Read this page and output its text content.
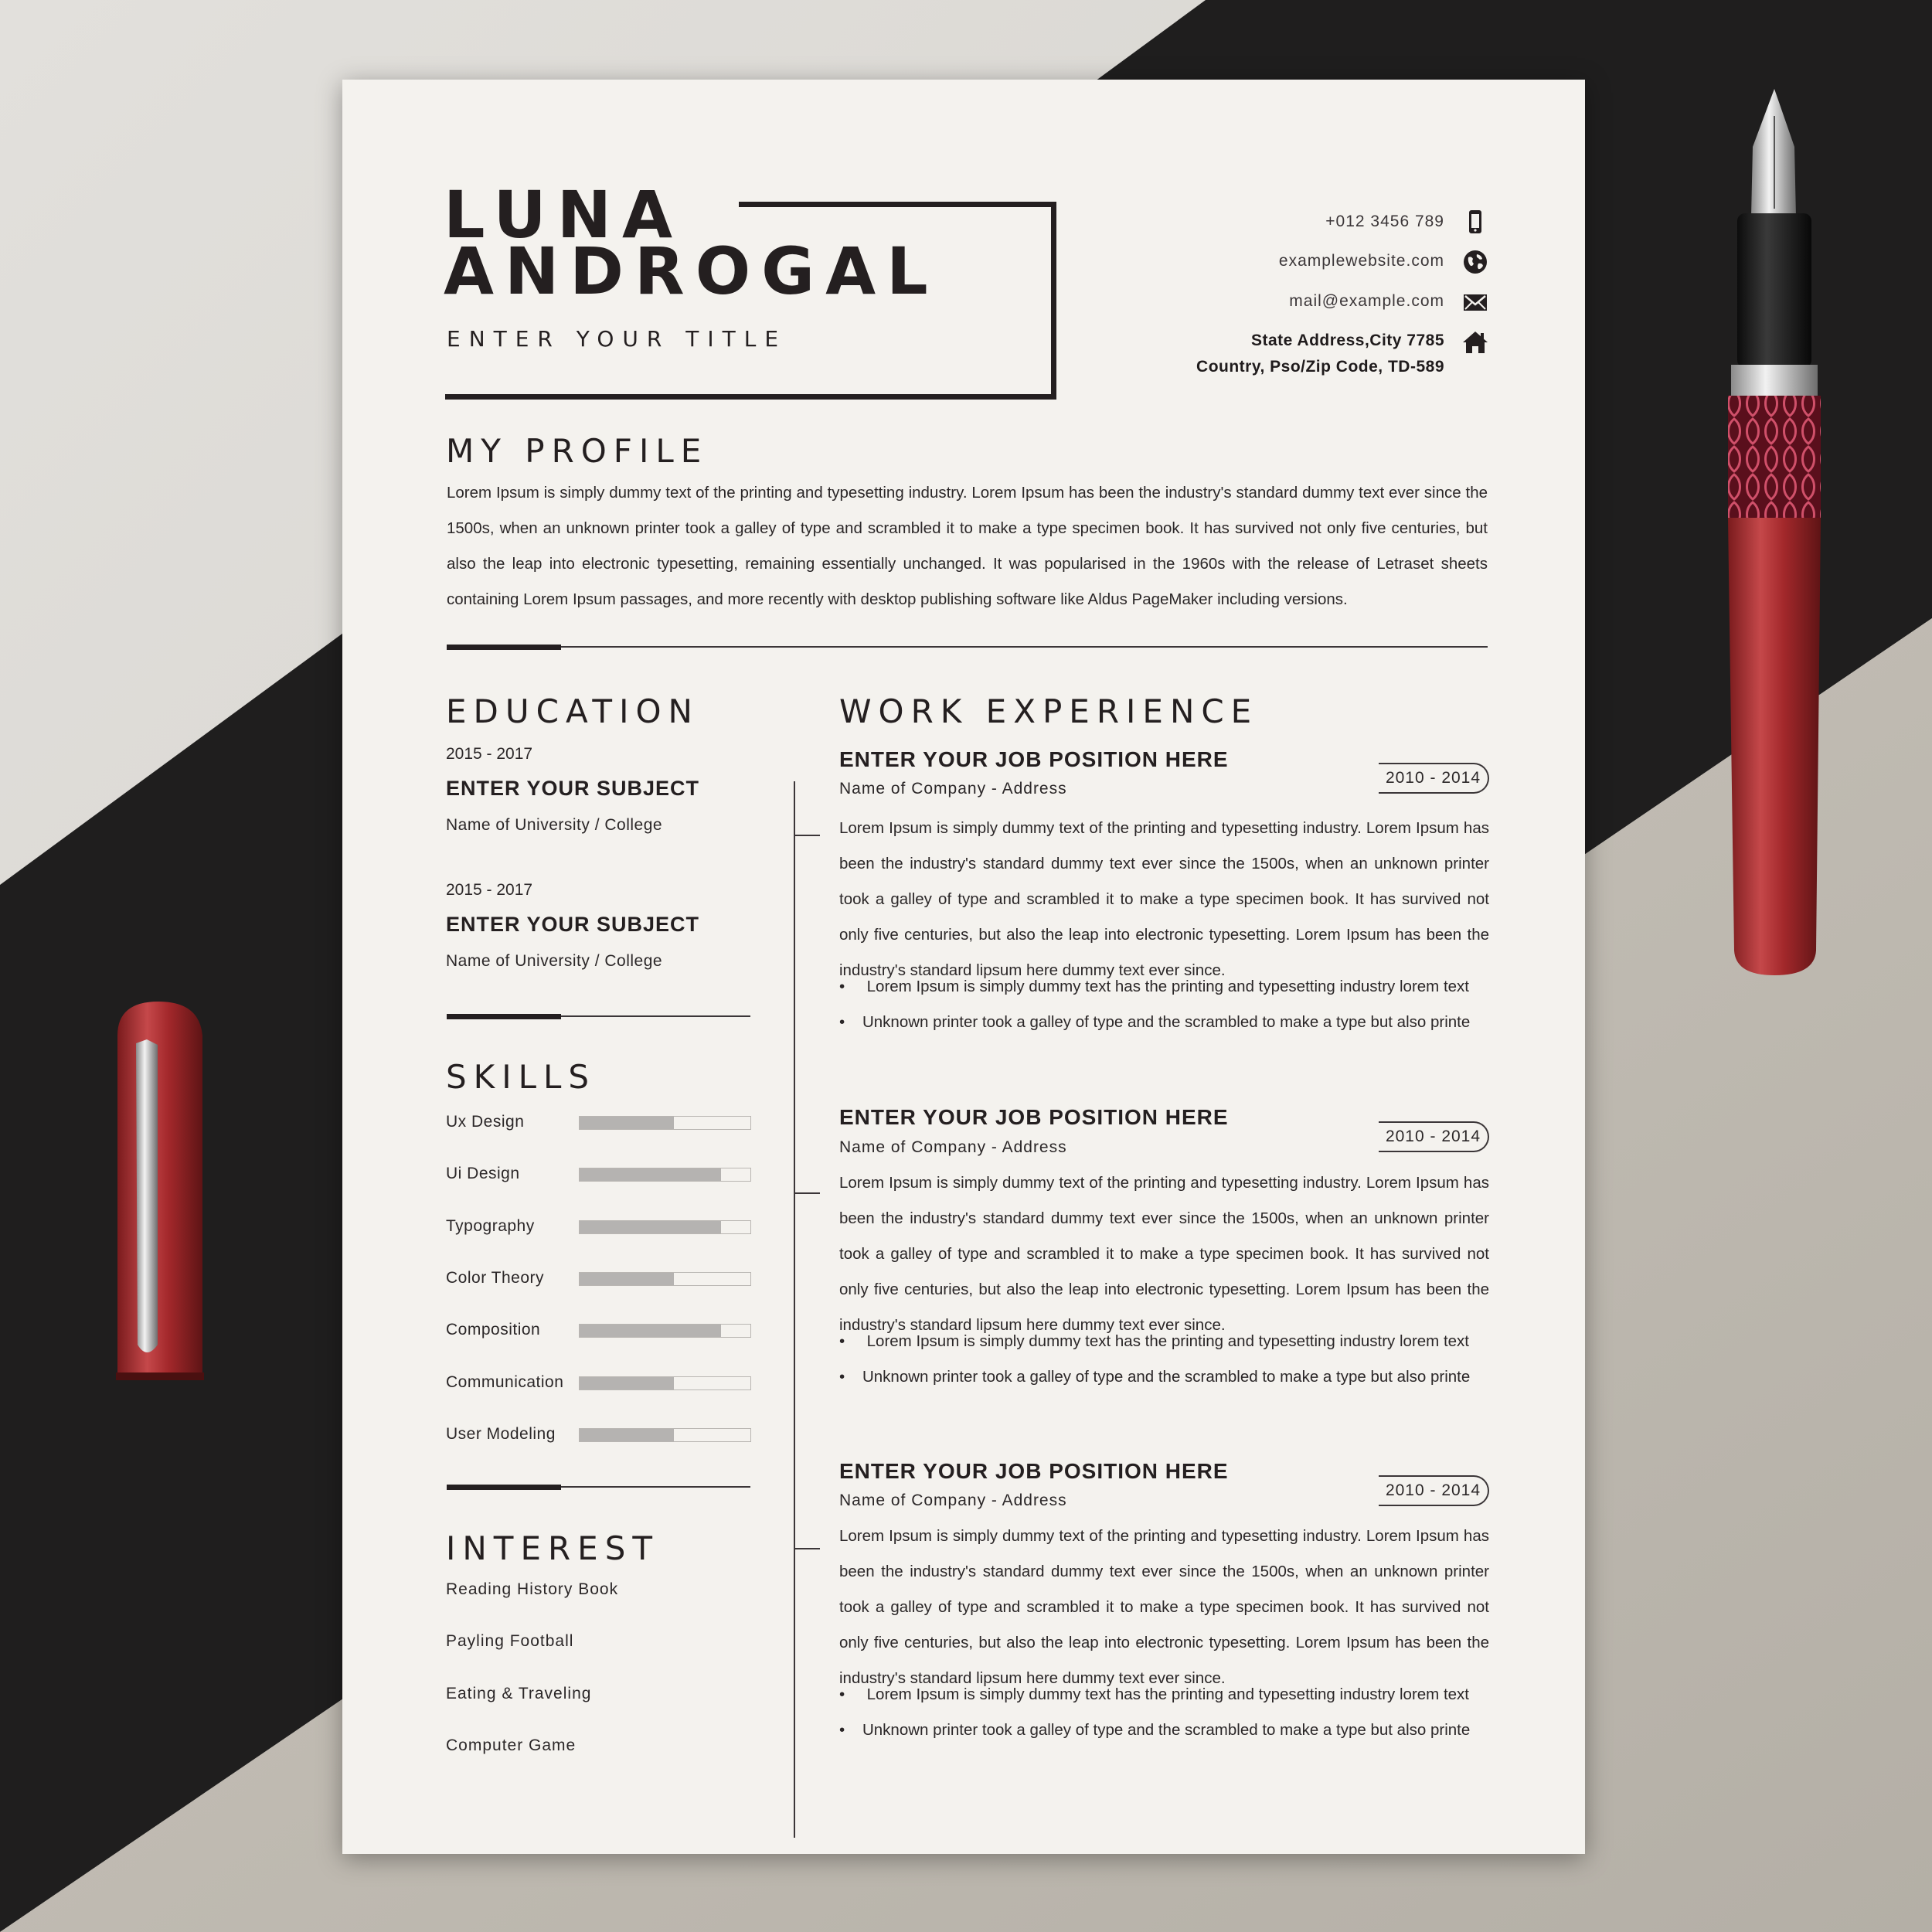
LUNA
ANDROGAL
ENTER YOUR TITLE
+012 3456 789
examplewebsite.com
mail@example.com
State Address,City 7785
Country, Pso/Zip Code, TD-589
MY PROFILE
Lorem Ipsum is simply dummy text of the printing and typesetting industry. Lorem Ipsum has been the industry's standard dummy text ever since the 1500s, when an unknown printer took a galley of type and scrambled it to make a type specimen book. It has survived not only five centuries, but also the leap into electronic typesetting, remaining essentially unchanged. It was popularised in the 1960s with the release of Letraset sheets containing Lorem Ipsum passages, and more recently with desktop publishing software like Aldus PageMaker including versions.
EDUCATION
2015 - 2017
ENTER YOUR SUBJECT
Name of University / College
2015 - 2017
ENTER YOUR SUBJECT
Name of University / College
SKILLS
Ux Design
Ui Design
Typography
Color Theory
Composition
Communication
User Modeling
INTEREST
Reading History Book
Payling Football
Eating & Traveling
Computer Game
WORK EXPERIENCE
ENTER YOUR JOB POSITION HERE
Name of Company - Address
2010 - 2014
Lorem Ipsum is simply dummy text of the printing and typesetting industry. Lorem Ipsum has been the industry's standard dummy text ever since the 1500s, when an unknown printer took a galley of type and scrambled it to make a type specimen book. It has survived not only five centuries, but also the leap into electronic typesetting. Lorem Ipsum has been the industry's standard lipsum here dummy text ever since.
•     Lorem Ipsum is simply dummy text has the printing and typesetting industry lorem text
•    Unknown printer took a galley of type and the scrambled to make a type but also printe
ENTER YOUR JOB POSITION HERE
Name of Company - Address
2010 - 2014
Lorem Ipsum is simply dummy text of the printing and typesetting industry. Lorem Ipsum has been the industry's standard dummy text ever since the 1500s, when an unknown printer took a galley of type and scrambled it to make a type specimen book. It has survived not only five centuries, but also the leap into electronic typesetting. Lorem Ipsum has been the industry's standard lipsum here dummy text ever since.
•     Lorem Ipsum is simply dummy text has the printing and typesetting industry lorem text
•    Unknown printer took a galley of type and the scrambled to make a type but also printe
ENTER YOUR JOB POSITION HERE
Name of Company - Address
2010 - 2014
Lorem Ipsum is simply dummy text of the printing and typesetting industry. Lorem Ipsum has been the industry's standard dummy text ever since the 1500s, when an unknown printer took a galley of type and scrambled it to make a type specimen book. It has survived not only five centuries, but also the leap into electronic typesetting. Lorem Ipsum has been the industry's standard lipsum here dummy text ever since.
•     Lorem Ipsum is simply dummy text has the printing and typesetting industry lorem text
•    Unknown printer took a galley of type and the scrambled to make a type but also printe
